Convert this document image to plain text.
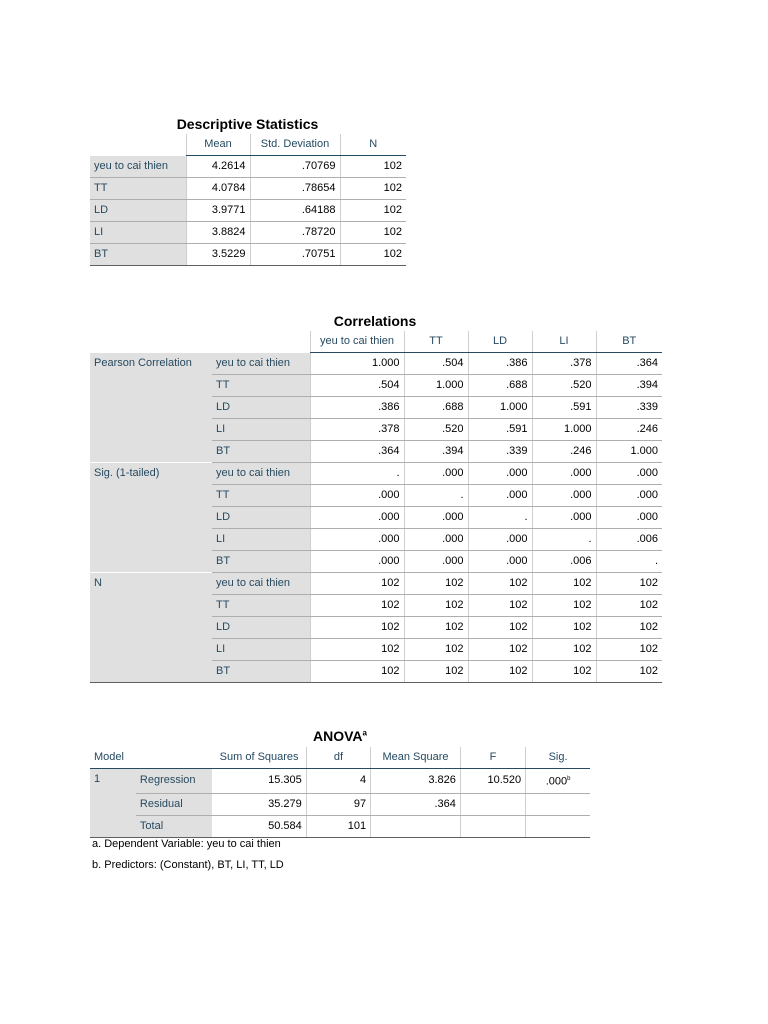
Descriptive Statistics
	Mean	Std. Deviation	N
yeu to cai thien	4.2614	.70769	102
TT	4.0784	.78654	102
LD	3.9771	.64188	102
LI	3.8824	.78720	102
BT	3.5229	.70751	102
Correlations
		yeu to cai thien	TT	LD	LI	BT
Pearson Correlation	yeu to cai thien	1.000	.504	.386	.378	.364
	TT	.504	1.000	.688	.520	.394
	LD	.386	.688	1.000	.591	.339
	LI	.378	.520	.591	1.000	.246
	BT	.364	.394	.339	.246	1.000
Sig. (1-tailed)	yeu to cai thien	.	.000	.000	.000	.000
	TT	.000	.	.000	.000	.000
	LD	.000	.000	.	.000	.000
	LI	.000	.000	.000	.	.006
	BT	.000	.000	.000	.006	.
N	yeu to cai thien	102	102	102	102	102
	TT	102	102	102	102	102
	LD	102	102	102	102	102
	LI	102	102	102	102	102
	BT	102	102	102	102	102
ANOVA$^a$
Model		Sum of Squares	df	Mean Square	F	Sig.
1	Regression	15.305	4	3.826	10.520	.000$^b$
	Residual	35.279	97	.364		
	Total	50.584	101			
a. Dependent Variable: yeu to cai thien
b. Predictors: (Constant), BT, LI, TT, LD
